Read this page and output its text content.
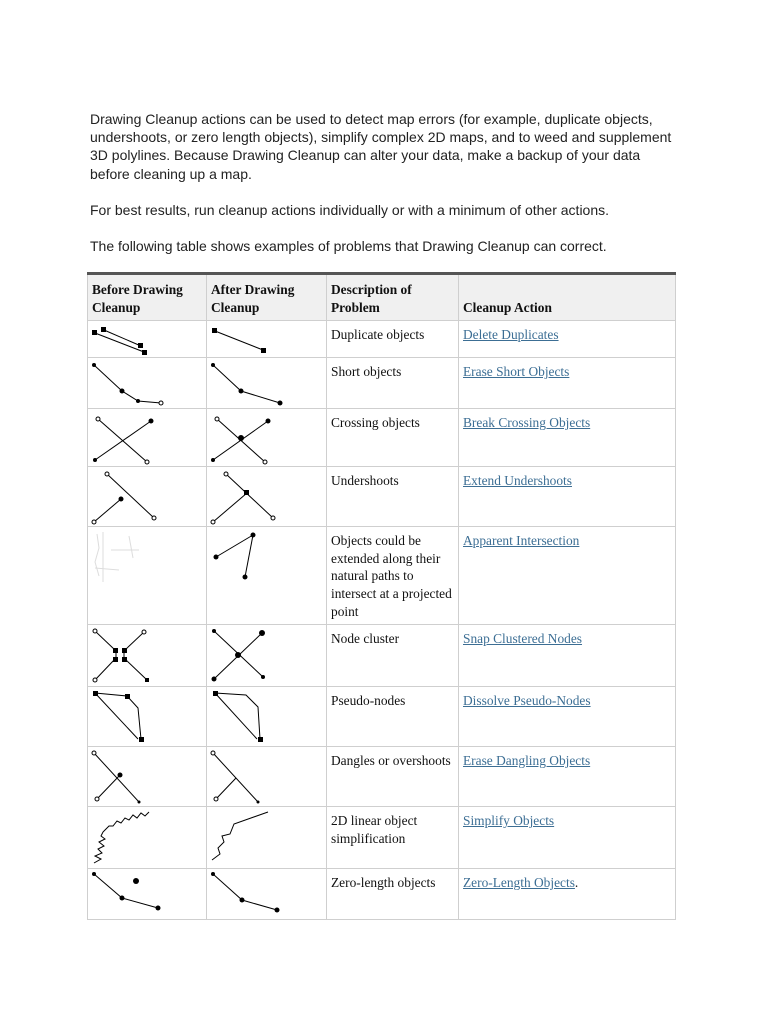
Drawing Cleanup actions can be used to detect map errors (for example, duplicate objects, undershoots, or zero length objects), simplify complex 2D maps, and to weed and supplement 3D polylines. Because Drawing Cleanup can alter your data, make a backup of your data before cleaning up a map.

For best results, run cleanup actions individually or with a minimum of other actions.

The following table shows examples of problems that Drawing Cleanup can correct.

Before Drawing Cleanup	After Drawing Cleanup	Description of Problem	Cleanup Action

	Duplicate objects	Delete Duplicates

	Short objects	Erase Short Objects

	Crossing objects	Break Crossing Objects

	Undershoots	Extend Undershoots

	Objects could be extended along their natural paths to intersect at a projected point	Apparent Intersection

	Node cluster	Snap Clustered Nodes

	Pseudo-nodes	Dissolve Pseudo-Nodes

	Dangles or overshoots	Erase Dangling Objects

	2D linear object simplification	Simplify Objects

	Zero-length objects	Zero-Length Objects.
